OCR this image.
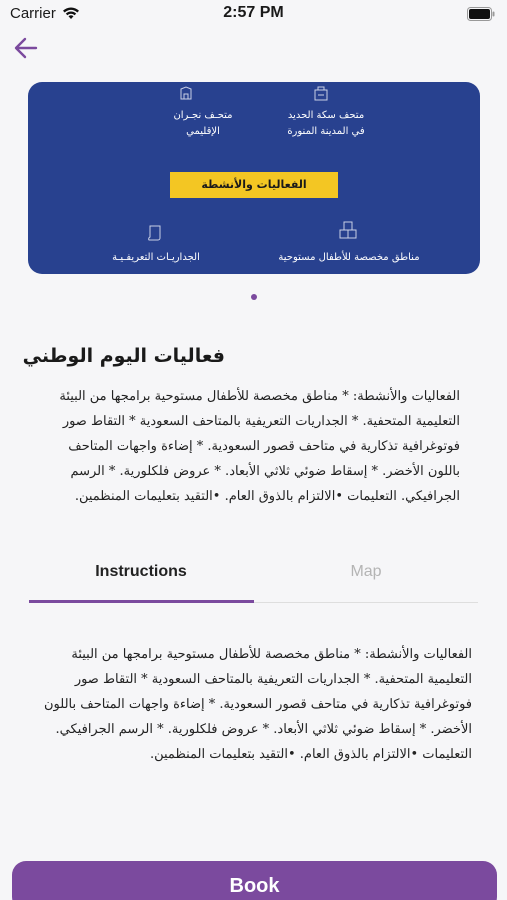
Carrier	2:57 PM
متحـف نجـران
الإقليمي
متحف سكة الحديد
في المدينة المنورة
الفعاليات والأنشطة
الجداريـات التعريفـيـة	مناطق مخصصة للأطفال مستوحية
فعاليات اليوم الوطني
الفعاليات والأنشطة: * مناطق مخصصة للأطفال مستوحية برامجها من البيئة التعليمية المتحفية. * الجداريات التعريفية بالمتاحف السعودية * التقاط صور فوتوغرافية تذكارية في متاحف قصور السعودية. * إضاءة واجهات المتاحف باللون الأخضر. * إسقاط ضوئي ثلاثي الأبعاد. * عروض فلكلورية. * الرسم الجرافيكي. التعليمات •الالتزام بالذوق العام. •التقيد بتعليمات المنظمين.
Instructions	Map
الفعاليات والأنشطة: * مناطق مخصصة للأطفال مستوحية برامجها من البيئة التعليمية المتحفية. * الجداريات التعريفية بالمتاحف السعودية * التقاط صور فوتوغرافية تذكارية في متاحف قصور السعودية. * إضاءة واجهات المتاحف باللون الأخضر. * إسقاط ضوئي ثلاثي الأبعاد. * عروض فلكلورية. * الرسم الجرافيكي. التعليمات •الالتزام بالذوق العام. •التقيد بتعليمات المنظمين.
Book
